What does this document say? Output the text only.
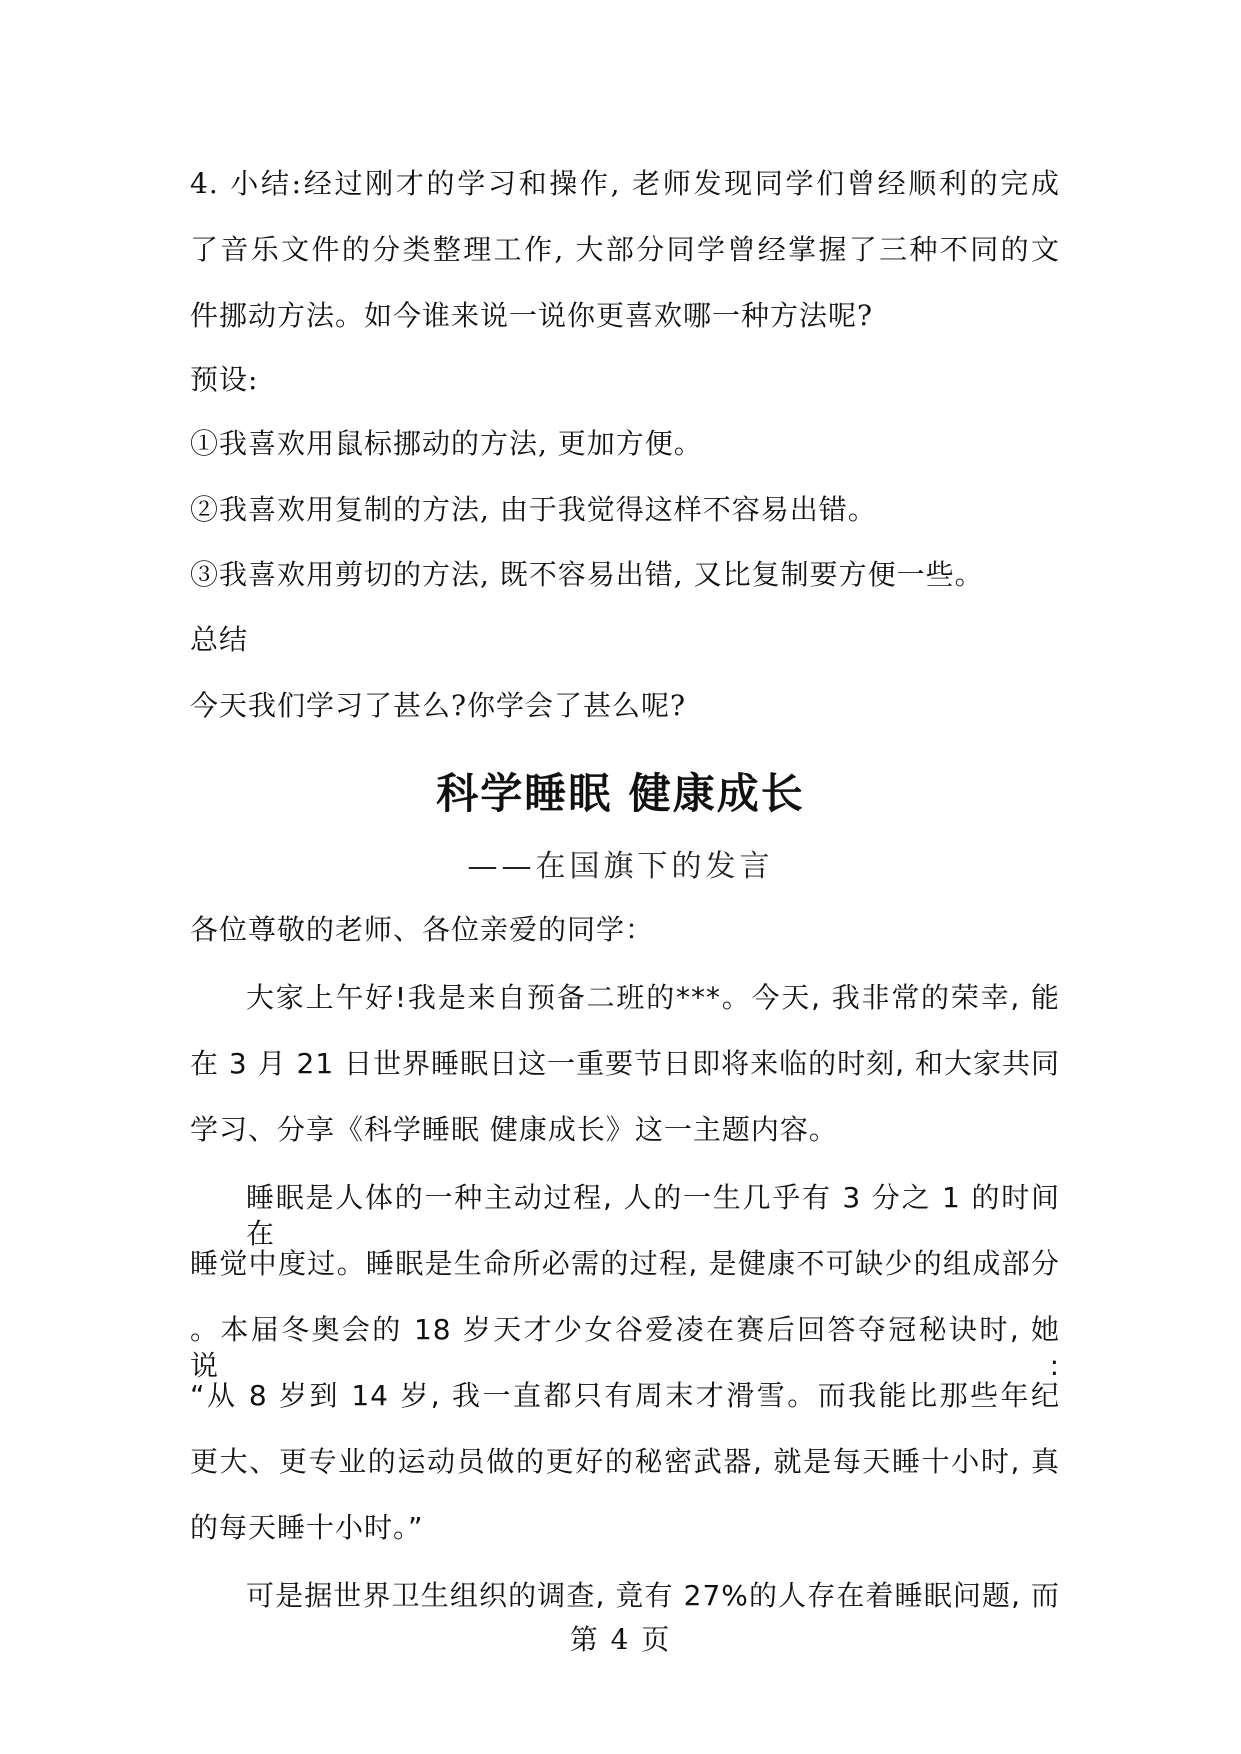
4. 小结:经过刚才的学习和操作, 老师发现同学们曾经顺利的完成
了音乐文件的分类整理工作, 大部分同学曾经掌握了三种不同的文
件挪动方法。如今谁来说一说你更喜欢哪一种方法呢?
预设:
①我喜欢用鼠标挪动的方法, 更加方便。
②我喜欢用复制的方法, 由于我觉得这样不容易出错。
③我喜欢用剪切的方法, 既不容易出错, 又比复制要方便一些。
总结
今天我们学习了甚么?你学会了甚么呢?
科学睡眠 健康成长
——在国旗下的发言
各位尊敬的老师、各位亲爱的同学：
大家上午好!我是来自预备二班的***。今天, 我非常的荣幸, 能
在 3 月 21 日世界睡眠日这一重要节日即将来临的时刻, 和大家共同
学习、分享《科学睡眠 健康成长》这一主题内容。
睡眠是人体的一种主动过程, 人的一生几乎有 3 分之 1 的时间在
睡觉中度过。睡眠是生命所必需的过程, 是健康不可缺少的组成部分
。本届冬奥会的 18 岁天才少女谷爱凌在赛后回答夺冠秘诀时, 她说:
“从 8 岁到 14 岁, 我一直都只有周末才滑雪。而我能比那些年纪
更大、更专业的运动员做的更好的秘密武器, 就是每天睡十小时, 真
的每天睡十小时。”
可是据世界卫生组织的调查, 竟有 27%的人存在着睡眠问题, 而
第 4 页
